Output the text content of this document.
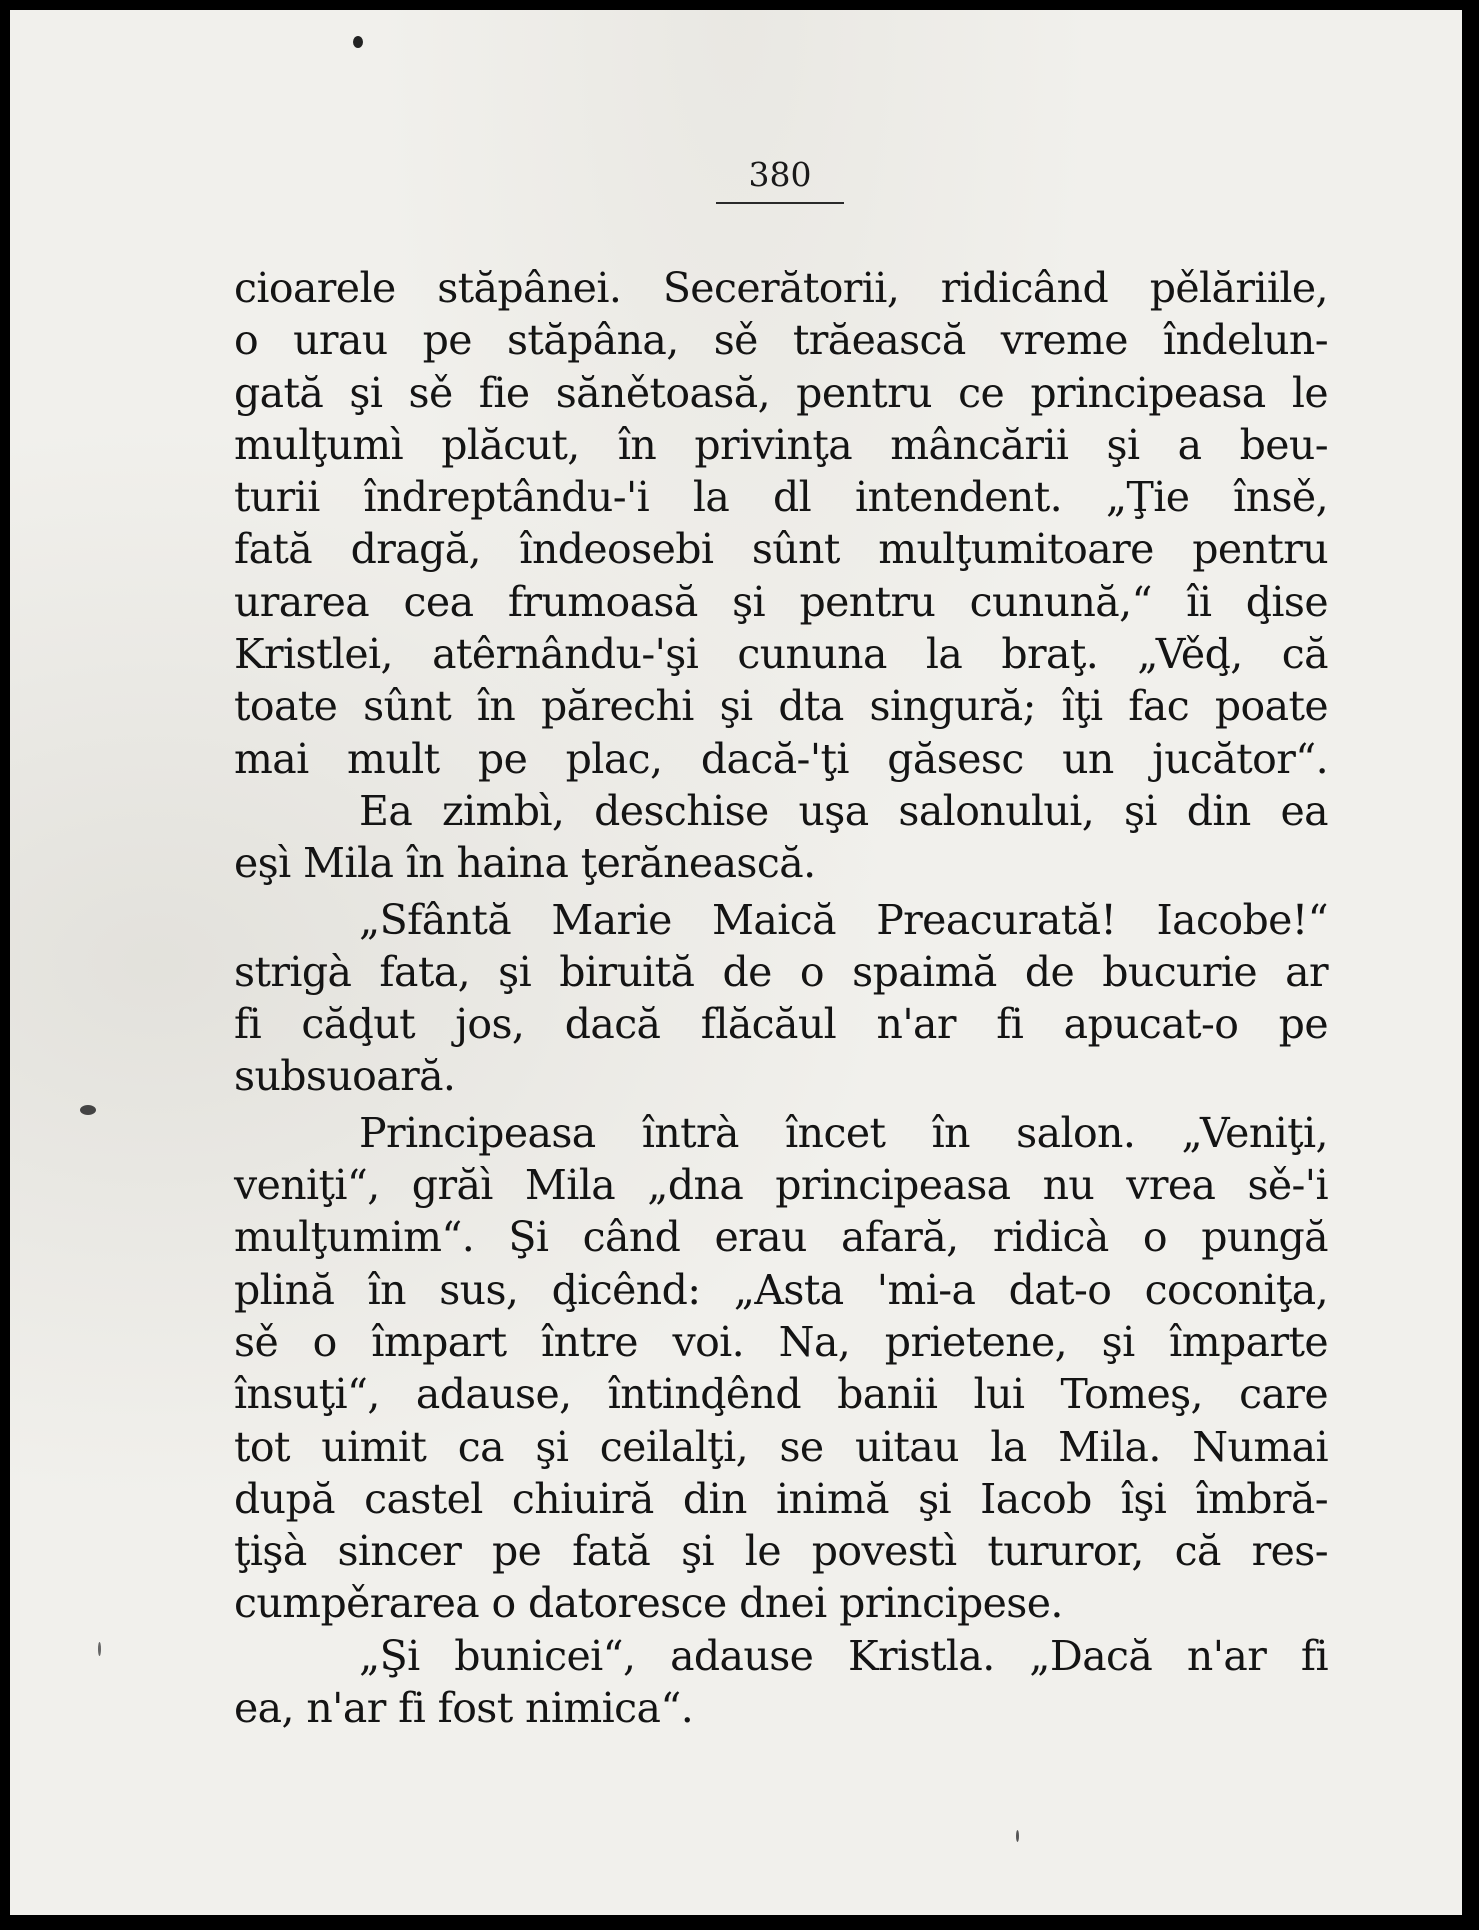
380
cioarele stăpânei. Secerătorii, ridicând pělăriile,
o urau pe stăpâna, sě trăească vreme îndelun-
gată şi sě fie sănětoasă, pentru ce principeasa le
mulţumì plăcut, în privinţa mâncării şi a beu-
turii îndreptându-'i la dl intendent. „Ţie însě,
fată dragă, îndeosebi sûnt mulţumitoare pentru
urarea cea frumoasă şi pentru cunună,“ îi ḑise
Kristlei, atêrnându-'şi cununa la braţ. „Věḑ, că
toate sûnt în părechi şi dta singură; îţi fac poate
mai mult pe plac, dacă-'ţi găsesc un jucător“.
Ea zimbì, deschise uşa salonului, şi din ea
eşì Mila în haina ţerănească.
„Sfântă Marie Maică Preacurată! Iacobe!“
strigà fata, şi biruită de o spaimă de bucurie ar
fi căḑut jos, dacă flăcăul n'ar fi apucat-o pe
subsuoară.
Principeasa întrà încet în salon. „Veniţi,
veniţi“, grăì Mila „dna principeasa nu vrea sě-'i
mulţumim“. Şi când erau afară, ridicà o pungă
plină în sus, ḑicênd: „Asta 'mi-a dat-o coconiţa,
sě o împart între voi. Na, prietene, şi împarte
însuţi“, adause, întinḑênd banii lui Tomeş, care
tot uimit ca şi ceilalţi, se uitau la Mila. Numai
după castel chiuiră din inimă şi Iacob îşi îmbră-
ţişà sincer pe fată şi le povestì tururor, că res-
cumpěrarea o datoresce dnei principese.
„Şi bunicei“, adause Kristla. „Dacă n'ar fi
ea, n'ar fi fost nimica“.
